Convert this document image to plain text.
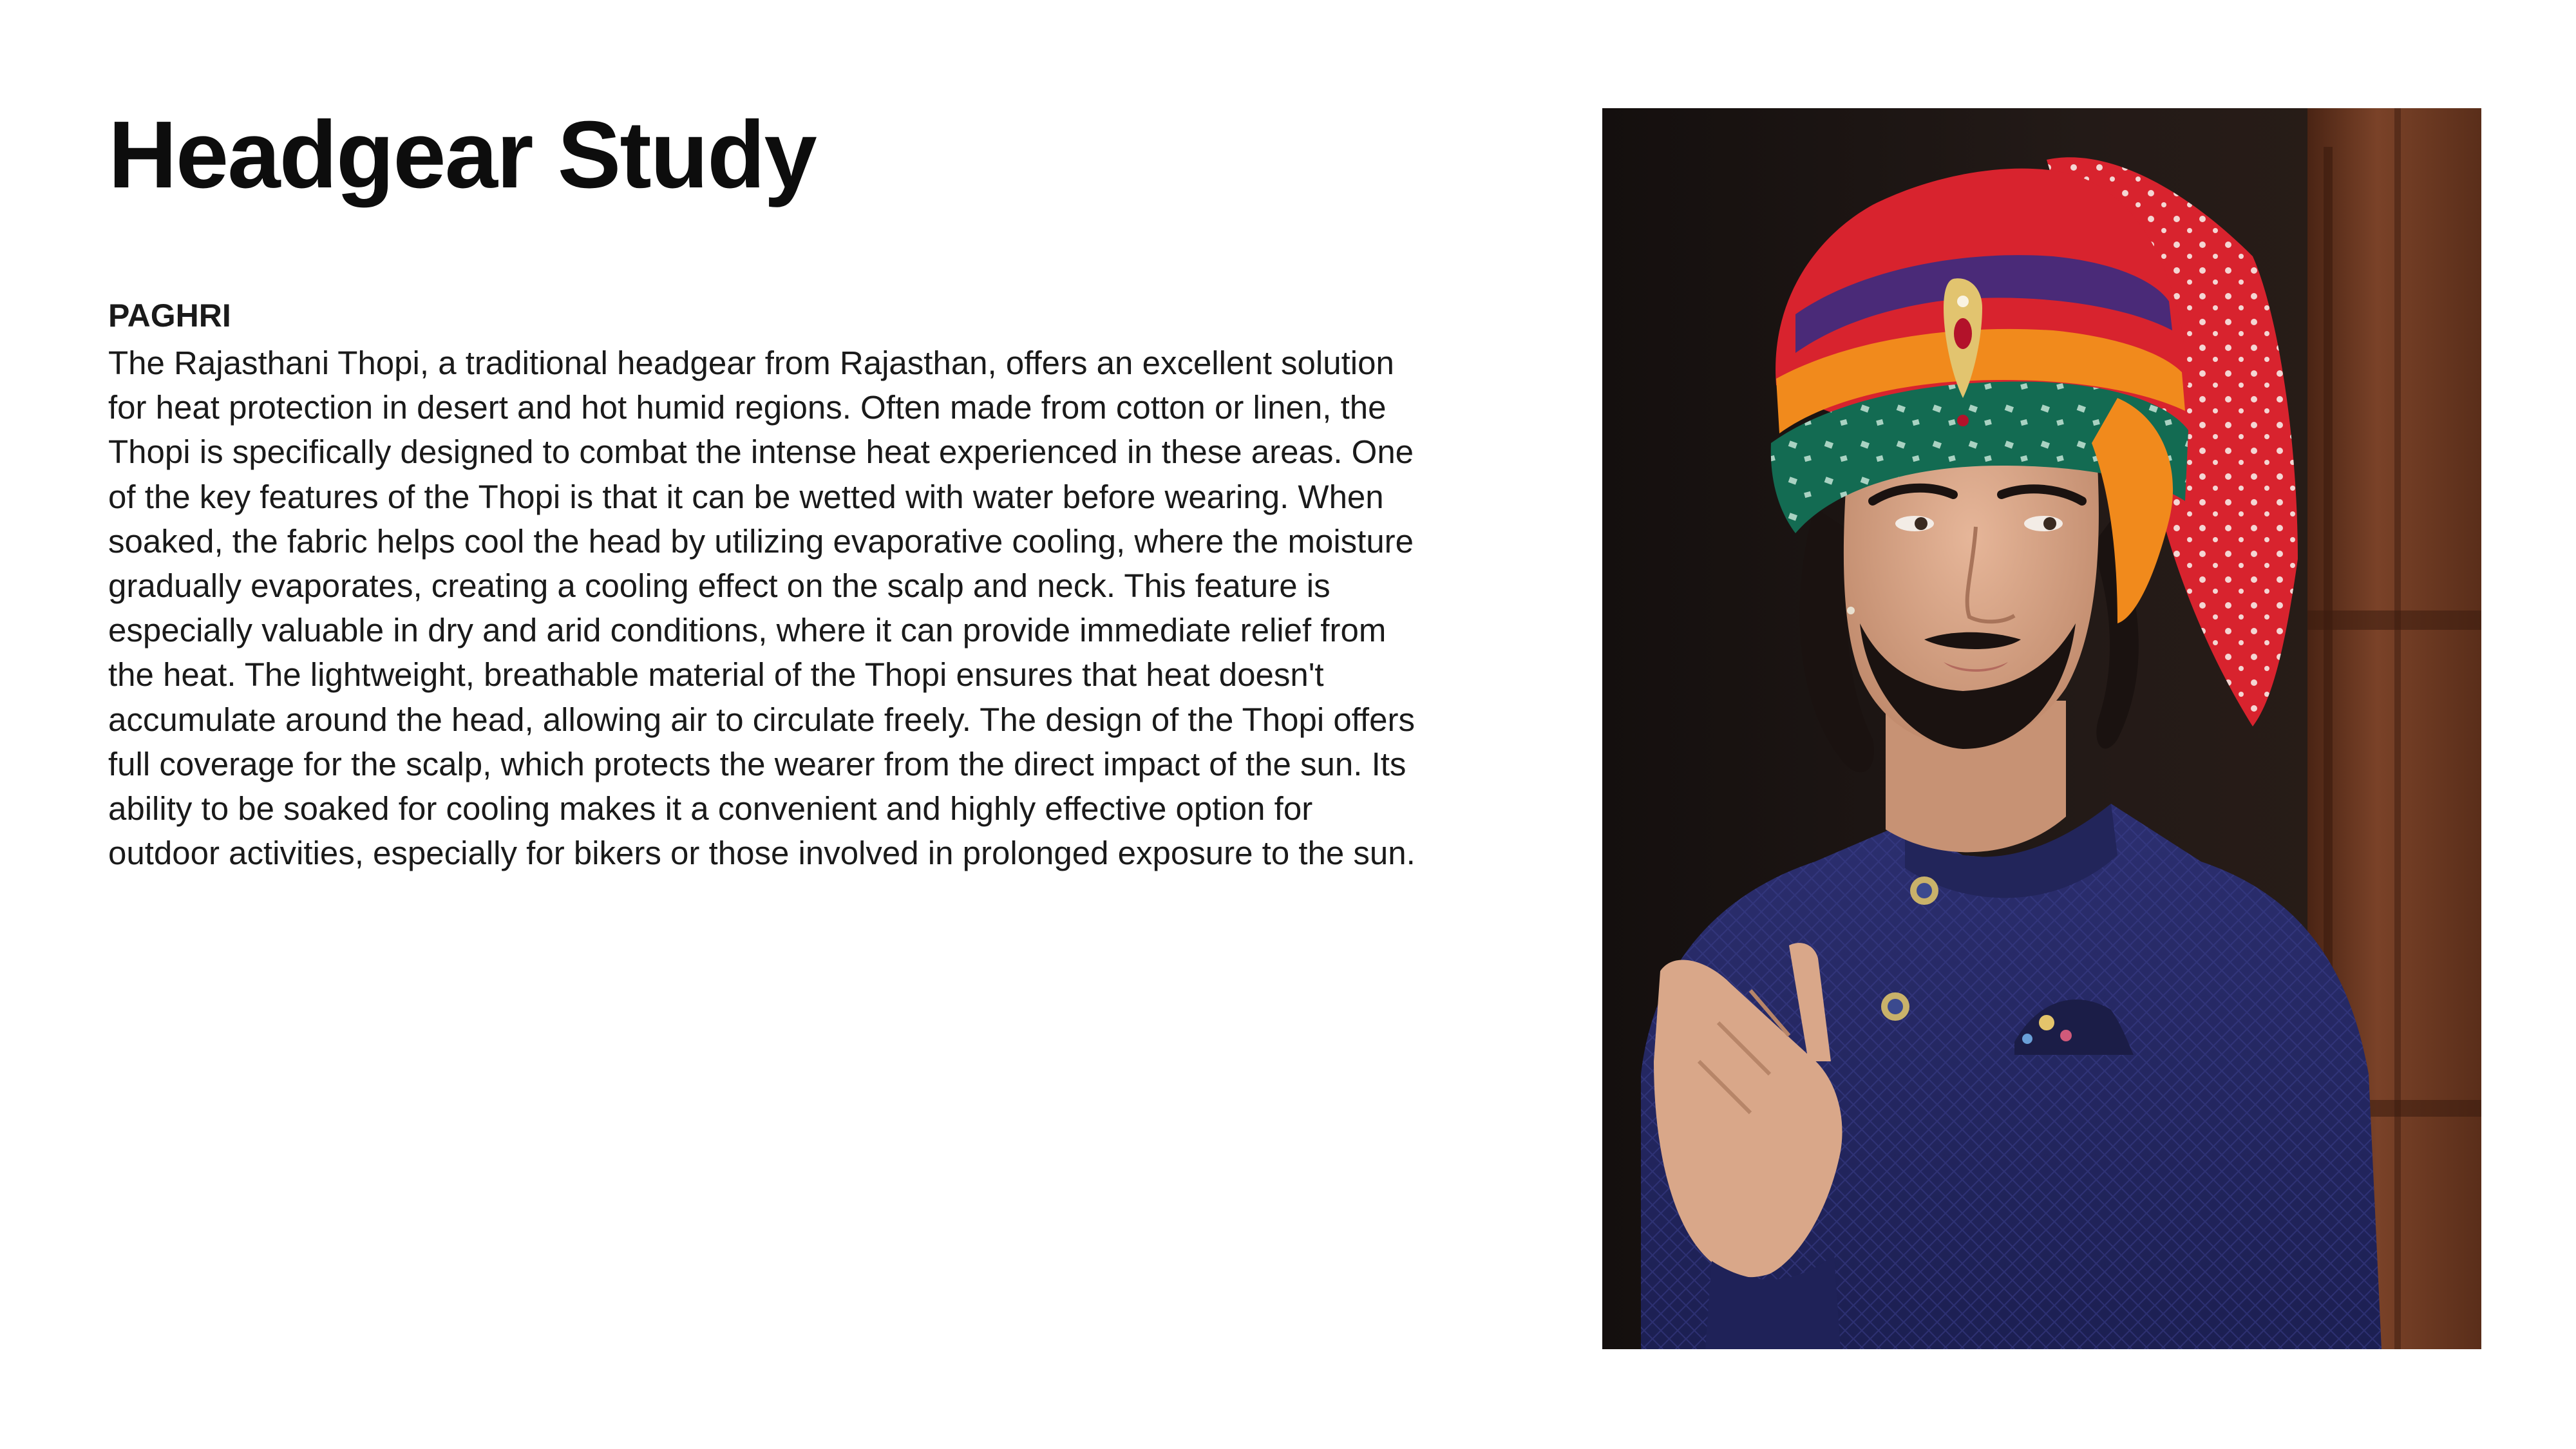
Headgear Study
PAGHRI

The Rajasthani Thopi, a traditional headgear from Rajasthan, offers an excellent solution for heat protection in desert and hot humid regions. Often made from cotton or linen, the Thopi is specifically designed to combat the intense heat experienced in these areas. One of the key features of the Thopi is that it can be wetted with water before wearing. When soaked, the fabric helps cool the head by utilizing evaporative cooling, where the moisture gradually evaporates, creating a cooling effect on the scalp and neck. This feature is especially valuable in dry and arid conditions, where it can provide immediate relief from the heat. The lightweight, breathable material of the Thopi ensures that heat doesn't accumulate around the head, allowing air to circulate freely. The design of the Thopi offers full coverage for the scalp, which protects the wearer from the direct impact of the sun. Its ability to be soaked for cooling makes it a convenient and highly effective option for outdoor activities, especially for bikers or those involved in prolonged exposure to the sun.
